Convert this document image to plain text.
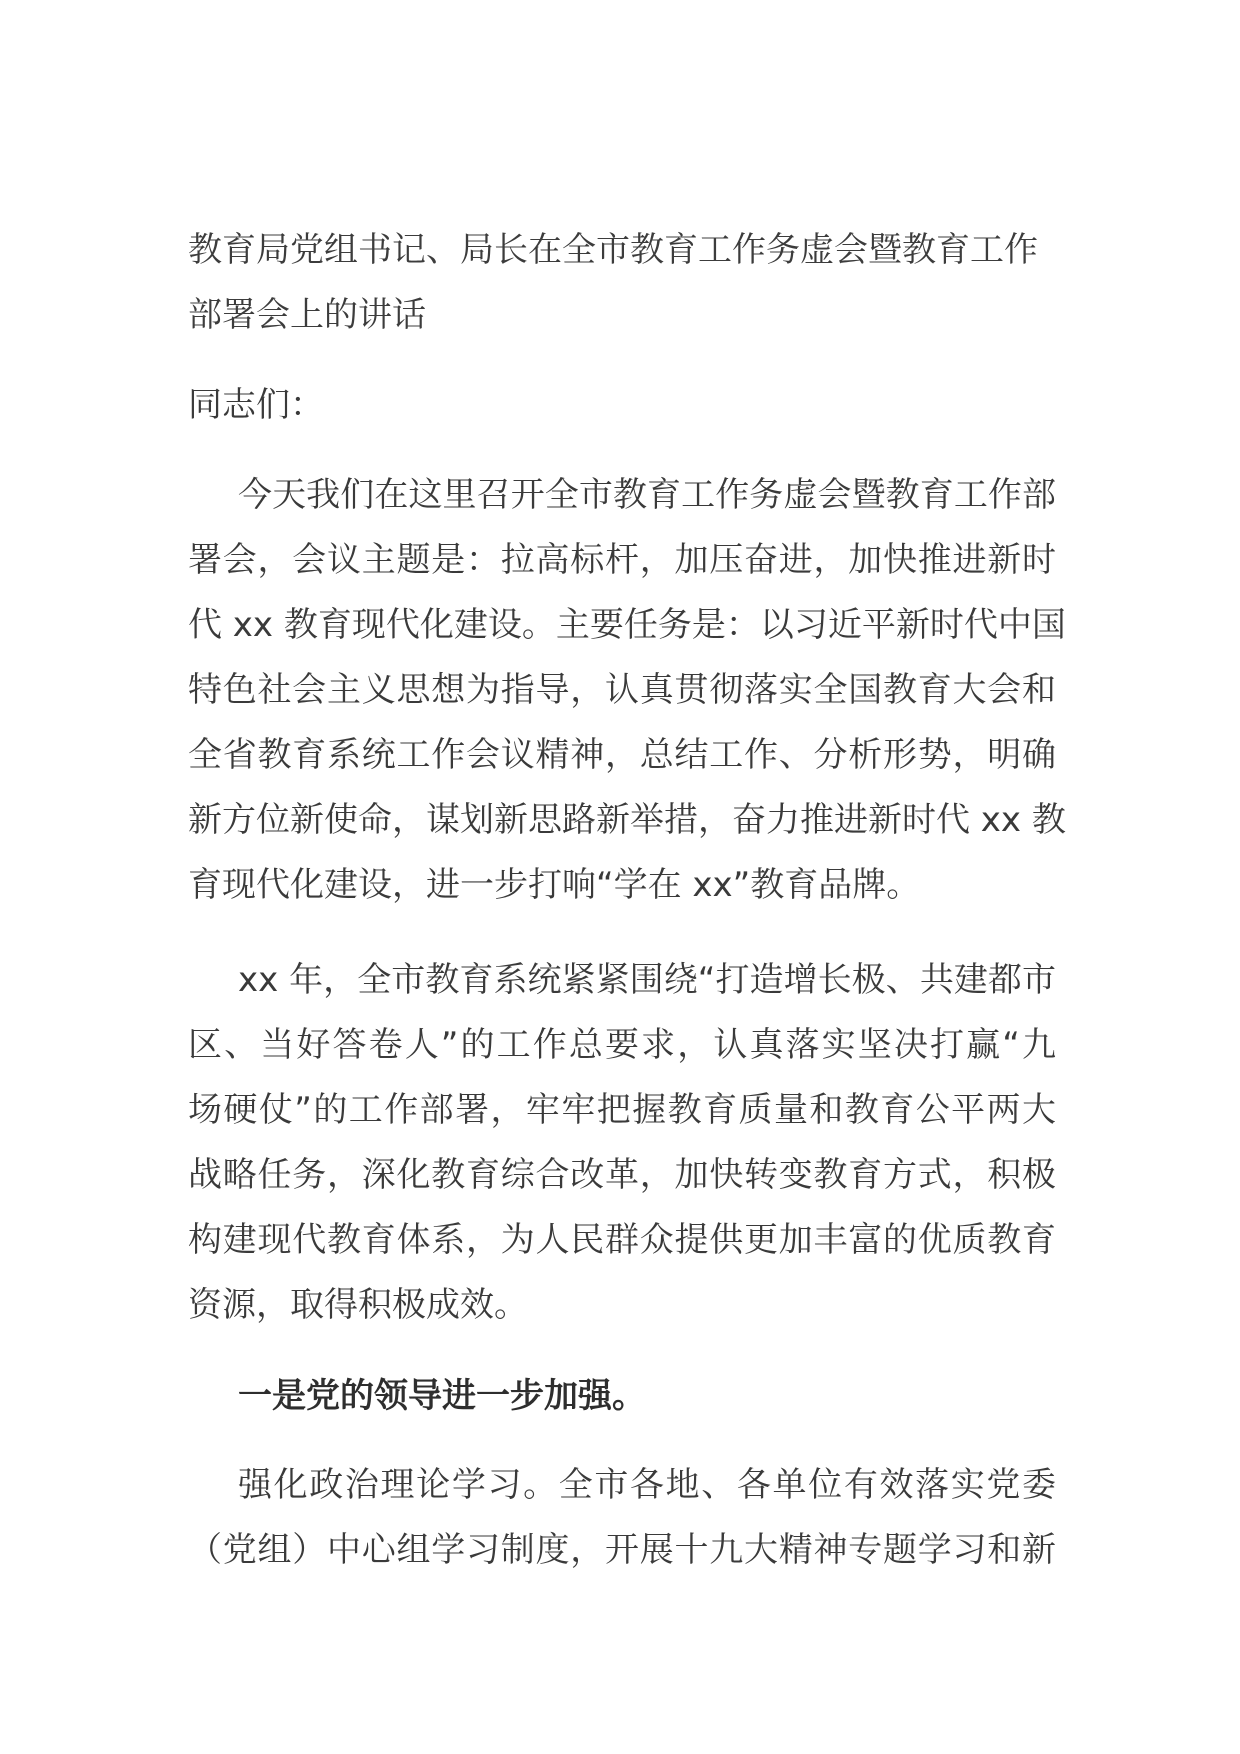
教育局党组书记、局长在全市教育工作务虚会暨教育工作
部署会上的讲话

同志们：

今天我们在这里召开全市教育工作务虚会暨教育工作部
署会，会议主题是：拉高标杆，加压奋进，加快推进新时
代 xx 教育现代化建设。主要任务是：以习近平新时代中国
特色社会主义思想为指导，认真贯彻落实全国教育大会和
全省教育系统工作会议精神，总结工作、分析形势，明确
新方位新使命，谋划新思路新举措，奋力推进新时代 xx 教
育现代化建设，进一步打响“学在 xx”教育品牌。

xx 年，全市教育系统紧紧围绕“打造增长极、共建都市
区、当好答卷人”的工作总要求，认真落实坚决打赢“九
场硬仗”的工作部署，牢牢把握教育质量和教育公平两大
战略任务，深化教育综合改革，加快转变教育方式，积极
构建现代教育体系，为人民群众提供更加丰富的优质教育
资源，取得积极成效。

一是党的领导进一步加强。

强化政治理论学习。全市各地、各单位有效落实党委
（党组）中心组学习制度，开展十九大精神专题学习和新
